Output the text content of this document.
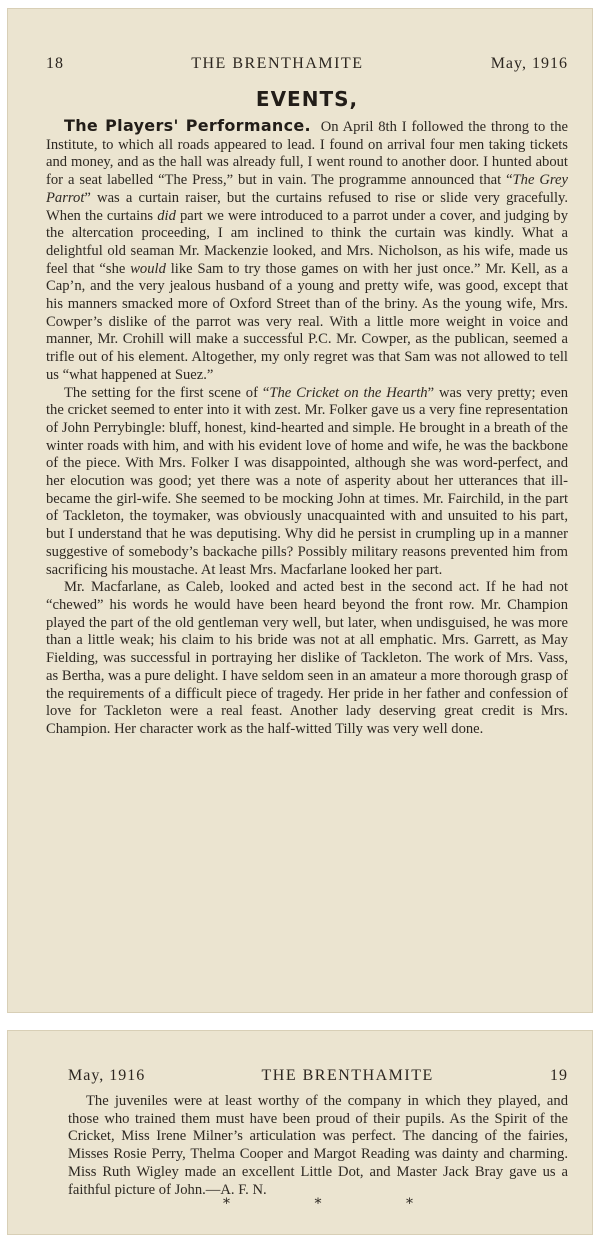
18	THE BRENTHAMITE	May, 1916
EVENTS,

The Players' Performance. On April 8th I followed the throng to the Institute, to which all roads appeared to lead. I found on arrival four men taking tickets and money, and as the hall was already full, I went round to another door. I hunted about for a seat labelled “The Press,” but in vain. The programme announced that “The Grey Parrot” was a curtain raiser, but the curtains refused to rise or slide very gracefully. When the curtains did part we were introduced to a parrot under a cover, and judging by the altercation proceeding, I am inclined to think the curtain was kindly. What a delightful old seaman Mr. Mackenzie looked, and Mrs. Nicholson, as his wife, made us feel that “she would like Sam to try those games on with her just once.” Mr. Kell, as a Cap’n, and the very jealous husband of a young and pretty wife, was good, except that his manners smacked more of Oxford Street than of the briny. As the young wife, Mrs. Cowper’s dislike of the parrot was very real. With a little more weight in voice and manner, Mr. Crohill will make a successful P.C. Mr. Cowper, as the publican, seemed a trifle out of his element. Altogether, my only regret was that Sam was not allowed to tell us “what happened at Suez.”

The setting for the first scene of “The Cricket on the Hearth” was very pretty; even the cricket seemed to enter into it with zest. Mr. Folker gave us a very fine representation of John Perrybingle: bluff, honest, kind-hearted and simple. He brought in a breath of the winter roads with him, and with his evident love of home and wife, he was the backbone of the piece. With Mrs. Folker I was disappointed, although she was word-perfect, and her elocution was good; yet there was a note of asperity about her utterances that ill-became the girl-wife. She seemed to be mocking John at times. Mr. Fairchild, in the part of Tackleton, the toymaker, was obviously unacquainted with and unsuited to his part, but I understand that he was deputising. Why did he persist in crumpling up in a manner suggestive of somebody’s backache pills? Possibly military reasons prevented him from sacrificing his moustache. At least Mrs. Macfarlane looked her part.

Mr. Macfarlane, as Caleb, looked and acted best in the second act. If he had not “chewed” his words he would have been heard beyond the front row. Mr. Champion played the part of the old gentleman very well, but later, when undisguised, he was more than a little weak; his claim to his bride was not at all emphatic. Mrs. Garrett, as May Fielding, was successful in portraying her dislike of Tackleton. The work of Mrs. Vass, as Bertha, was a pure delight. I have seldom seen in an amateur a more thorough grasp of the requirements of a difficult piece of tragedy. Her pride in her father and confession of love for Tackleton were a real feast. Another lady deserving great credit is Mrs. Champion. Her character work as the half-witted Tilly was very well done.

May, 1916	THE BRENTHAMITE	19

The juveniles were at least worthy of the company in which they played, and those who trained them must have been proud of their pupils. As the Spirit of the Cricket, Miss Irene Milner’s articulation was perfect. The dancing of the fairies, Misses Rosie Perry, Thelma Cooper and Margot Reading was dainty and charming. Miss Ruth Wigley made an excellent Little Dot, and Master Jack Bray gave us a faithful picture of John.—A. F. N.

* * *
